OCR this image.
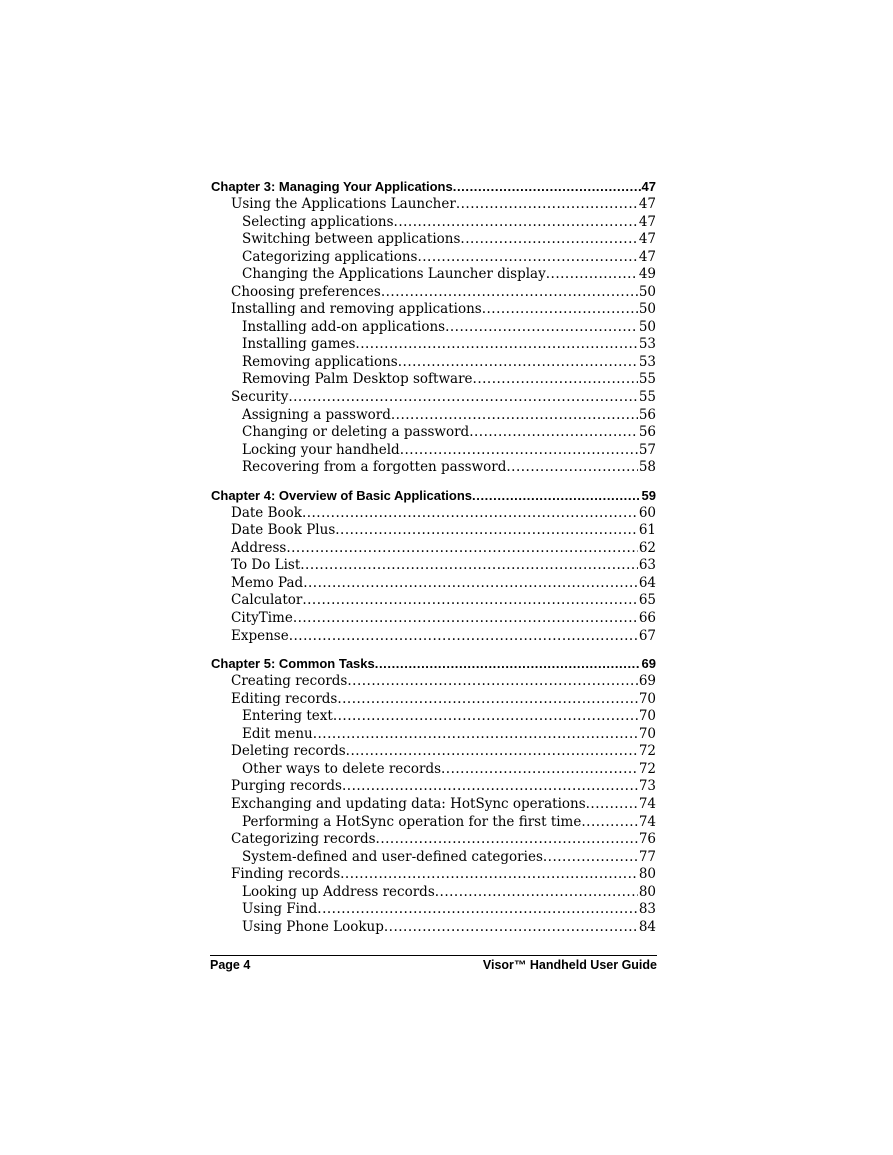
Chapter 3: Managing Your Applications .....	47
Using the Applications Launcher .....	47
Selecting applications .....	47
Switching between applications .....	47
Categorizing applications .....	47
Changing the Applications Launcher display .....	49
Choosing preferences .....	50
Installing and removing applications .....	50
Installing add-on applications .....	50
Installing games .....	53
Removing applications .....	53
Removing Palm Desktop software .....	55
Security .....	55
Assigning a password .....	56
Changing or deleting a password .....	56
Locking your handheld .....	57
Recovering from a forgotten password .....	58
Chapter 4: Overview of Basic Applications .....	59
Date Book .....	60
Date Book Plus .....	61
Address .....	62
To Do List .....	63
Memo Pad .....	64
Calculator .....	65
CityTime .....	66
Expense .....	67
Chapter 5: Common Tasks .....	69
Creating records .....	69
Editing records .....	70
Entering text .....	70
Edit menu .....	70
Deleting records .....	72
Other ways to delete records .....	72
Purging records .....	73
Exchanging and updating data: HotSync operations .....	74
Performing a HotSync operation for the first time .....	74
Categorizing records .....	76
System-defined and user-defined categories .....	77
Finding records .....	80
Looking up Address records .....	80
Using Find .....	83
Using Phone Lookup .....	84
Page 4	Visor™ Handheld User Guide
